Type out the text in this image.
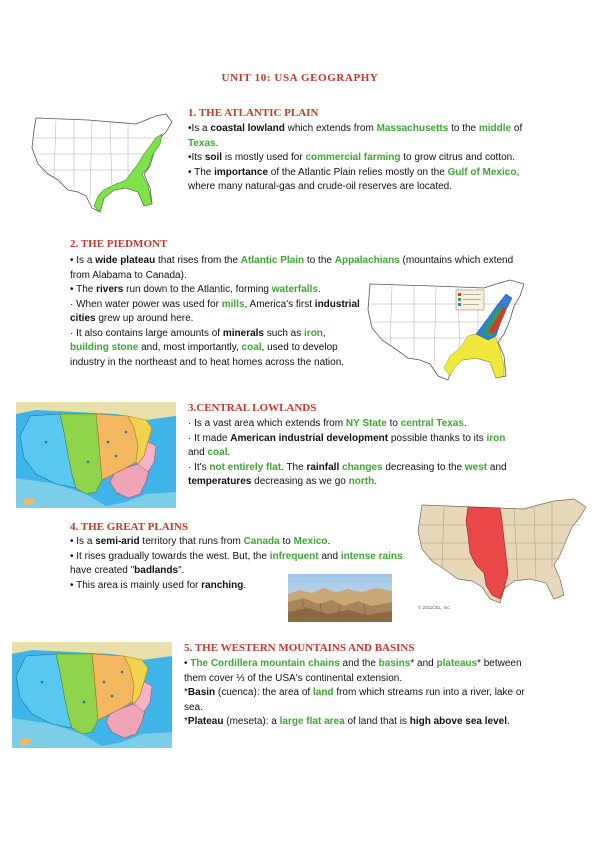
UNIT 10: USA GEOGRAPHY
1. THE ATLANTIC PLAIN

•Is a coastal lowland which extends from Massachusetts to the middle of Texas.

•Its soil is mostly used for commercial farming to grow citrus and cotton.

• The importance of the Atlantic Plain relies mostly on the Gulf of Mexico, where many natural-gas and crude-oil reserves are located.

2. THE PIEDMONT

• Is a wide plateau that rises from the Atlantic Plain to the Appalachians (mountains which extend from Alabama to Canada).

• The rivers run down to the Atlantic, forming waterfalls.

· When water power was used for mills, America's first industrial cities grew up around here.

· It also contains large amounts of minerals such as iron, building stone and, most importantly, coal, used to develop industry in the northeast and to heat homes across the nation.

3.CENTRAL LOWLANDS

· Is a vast area which extends from NY State to central Texas.

· It made American industrial development possible thanks to its iron and coal.

· It's not entirely flat. The rainfall changes decreasing to the west and temperatures decreasing as we go north.

4. THE GREAT PLAINS

• Is a semi-arid territory that runs from Canada to Mexico.

• It rises gradually towards the west. But, the infrequent and intense rains have created "badlands".

• This area is mainly used for ranching.

© 2011CEL, Inc.
5. THE WESTERN MOUNTAINS AND BASINS

• The Cordillera mountain chains and the basins* and plateaus* between them cover ⅓ of the USA's continental extension.

*Basin (cuenca): the area of land from which streams run into a river, lake or sea.

*Plateau (meseta): a large flat area of land that is high above sea level.
